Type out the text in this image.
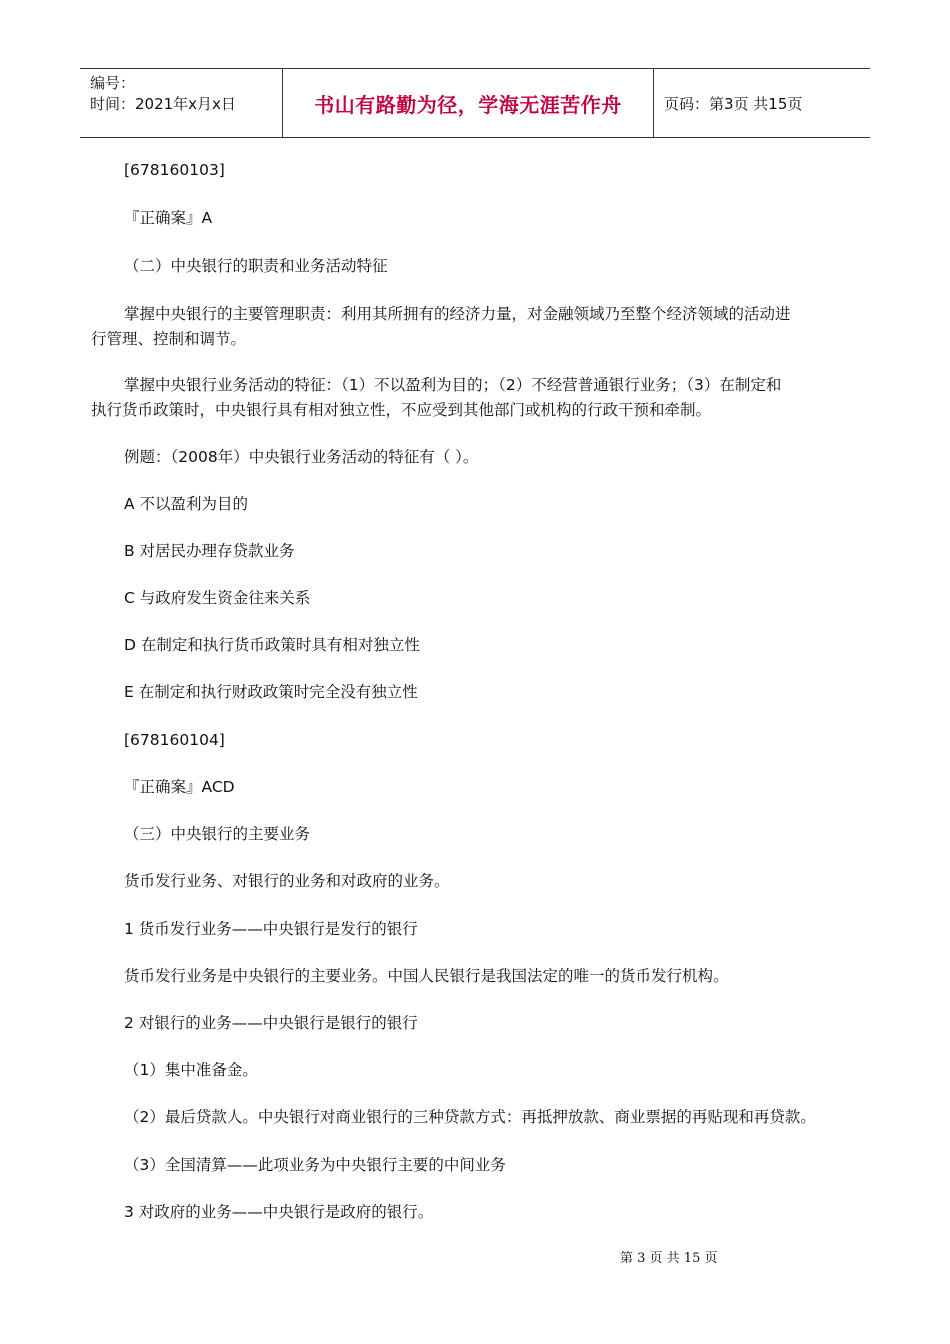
编号：
时间：2021年x月x日	书山有路勤为径，学海无涯苦作舟	页码：第3页 共15页
[678160103]
『正确案』A
（二）中央银行的职责和业务活动特征
掌握中央银行的主要管理职责：利用其所拥有的经济力量，对金融领域乃至整个经济领域的活动进
行管理、控制和调节。
掌握中央银行业务活动的特征：（1）不以盈利为目的；（2）不经营普通银行业务；（3）在制定和
执行货币政策时，中央银行具有相对独立性，不应受到其他部门或机构的行政干预和牵制。
例题：（2008年）中央银行业务活动的特征有（ ）。
A 不以盈利为目的
B 对居民办理存贷款业务
C 与政府发生资金往来关系
D 在制定和执行货币政策时具有相对独立性
E 在制定和执行财政政策时完全没有独立性
[678160104]
『正确案』ACD
（三）中央银行的主要业务
货币发行业务、对银行的业务和对政府的业务。
1 货币发行业务——中央银行是发行的银行
货币发行业务是中央银行的主要业务。中国人民银行是我国法定的唯一的货币发行机构。
2 对银行的业务——中央银行是银行的银行
（1）集中准备金。
（2）最后贷款人。中央银行对商业银行的三种贷款方式：再抵押放款、商业票据的再贴现和再贷款。
（3）全国清算——此项业务为中央银行主要的中间业务
3 对政府的业务——中央银行是政府的银行。
第 3 页 共 15 页
